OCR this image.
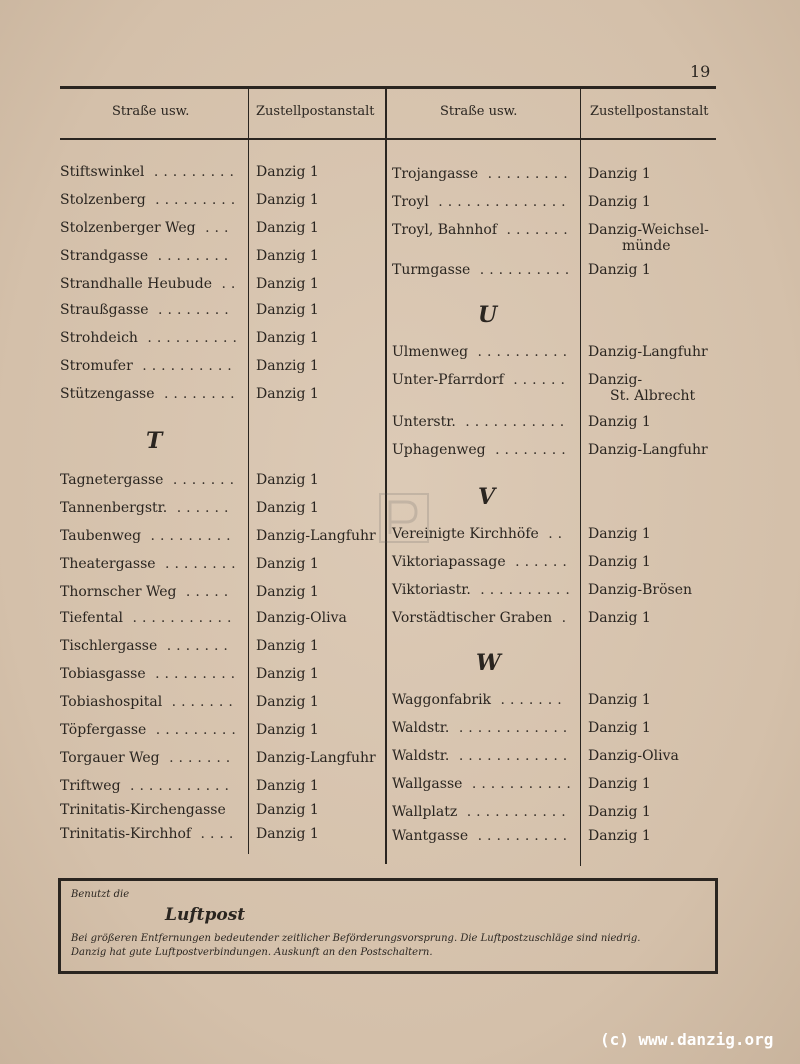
19
Straße usw.	Zustellpostanstalt	Straße usw.	Zustellpostanstalt
T
U
V
W
Benutzt die
Luftpost
Bei größeren Entfernungen bedeutender zeitlicher Beförderungsvorsprung. Die Luftpostzuschläge sind niedrig.
Danzig hat gute Luftpostverbindungen. Auskunft an den Postschaltern.
(c) www.danzig.org
Stiftswinkel ......... Danzig 1
Stolzenberg ......... Danzig 1
Stolzenberger Weg ... Danzig 1
Strandgasse ........ Danzig 1
Strandhalle Heubude .. Danzig 1
Straußgasse ........ Danzig 1
Strohdeich .......... Danzig 1
Stromufer .......... Danzig 1
Stützengasse ........ Danzig 1
Tagnetergasse ....... Danzig 1
Tannenbergstr. ...... Danzig 1
Taubenweg ......... Danzig-Langfuhr
Theatergasse ........ Danzig 1
Thornscher Weg ..... Danzig 1
Tiefental ........... Danzig-Oliva
Tischlergasse ....... Danzig 1
Tobiasgasse ......... Danzig 1
Tobiashospital ....... Danzig 1
Töpfergasse ......... Danzig 1
Torgauer Weg ....... Danzig-Langfuhr
Triftweg ........... Danzig 1
Trinitatis-Kirchengasse Danzig 1
Trinitatis-Kirchhof .... Danzig 1
Trojangasse ......... Danzig 1
Troyl .............. Danzig 1
Troyl, Bahnhof ....... Danzig-Weichsel-
münde
Turmgasse .......... Danzig 1
Ulmenweg .......... Danzig-Langfuhr
Unter-Pfarrdorf ...... Danzig-
St. Albrecht
Unterstr. ........... Danzig 1
Uphagenweg ........ Danzig-Langfuhr
Vereinigte Kirchhöfe .. Danzig 1
Viktoriapassage ...... Danzig 1
Viktoriastr. .......... Danzig-Brösen
Vorstädtischer Graben . Danzig 1
Waggonfabrik ....... Danzig 1
Waldstr. ............ Danzig 1
Waldstr. ............ Danzig-Oliva
Wallgasse ........... Danzig 1
Wallplatz ........... Danzig 1
Wantgasse .......... Danzig 1
